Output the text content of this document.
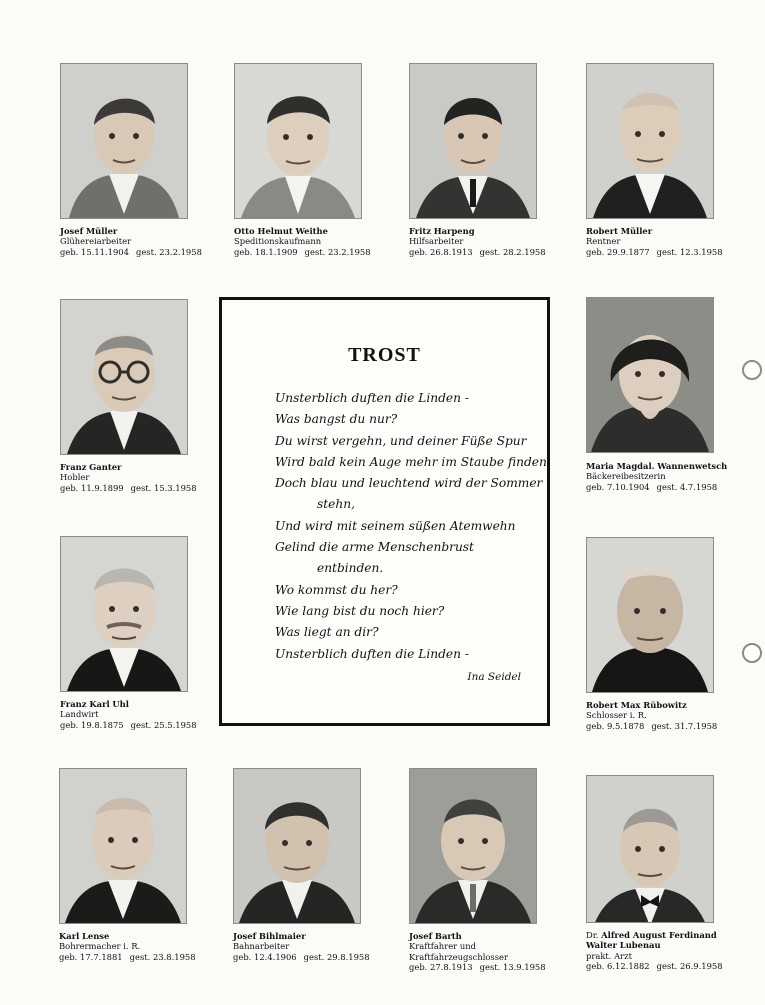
Josef Müller
Glühereiarbeiter
geb. 15.11.1904 gest. 23.2.1958
Otto Helmut Weithe
Speditionskaufmann
geb. 18.1.1909 gest. 23.2.1958
Fritz Harpeng
Hilfsarbeiter
geb. 26.8.1913 gest. 28.2.1958
Robert Müller
Rentner
geb. 29.9.1877 gest. 12.3.1958
Franz Ganter
Hobler
geb. 11.9.1899 gest. 15.3.1958
Maria Magdal. Wannenwetsch
Bäckereibesitzerin
geb. 7.10.1904 gest. 4.7.1958
TROST
Unsterblich duften die Linden -
Was bangst du nur?
Du wirst vergehn, und deiner Füße Spur
Wird bald kein Auge mehr im Staube finden.
Doch blau und leuchtend wird der Sommer
stehn,
Und wird mit seinem süßen Atemwehn
Gelind die arme Menschenbrust
entbinden.
Wo kommst du her?
Wie lang bist du noch hier?
Was liegt an dir?
Unsterblich duften die Linden -
Ina Seidel
Franz Karl Uhl
Landwirt
geb. 19.8.1875 gest. 25.5.1958
Robert Max Rübowitz
Schlosser i. R.
geb. 9.5.1878 gest. 31.7.1958
Karl Lense
Bohrermacher i. R.
geb. 17.7.1881 gest. 23.8.1958
Josef Bihlmaier
Bahnarbeiter
geb. 12.4.1906 gest. 29.8.1958
Josef Barth
Kraftfahrer und Kraftfahrzeugschlosser
geb. 27.8.1913 gest. 13.9.1958
Dr. Alfred August Ferdinand Walter Lubenau
prakt. Arzt
geb. 6.12.1882 gest. 26.9.1958
